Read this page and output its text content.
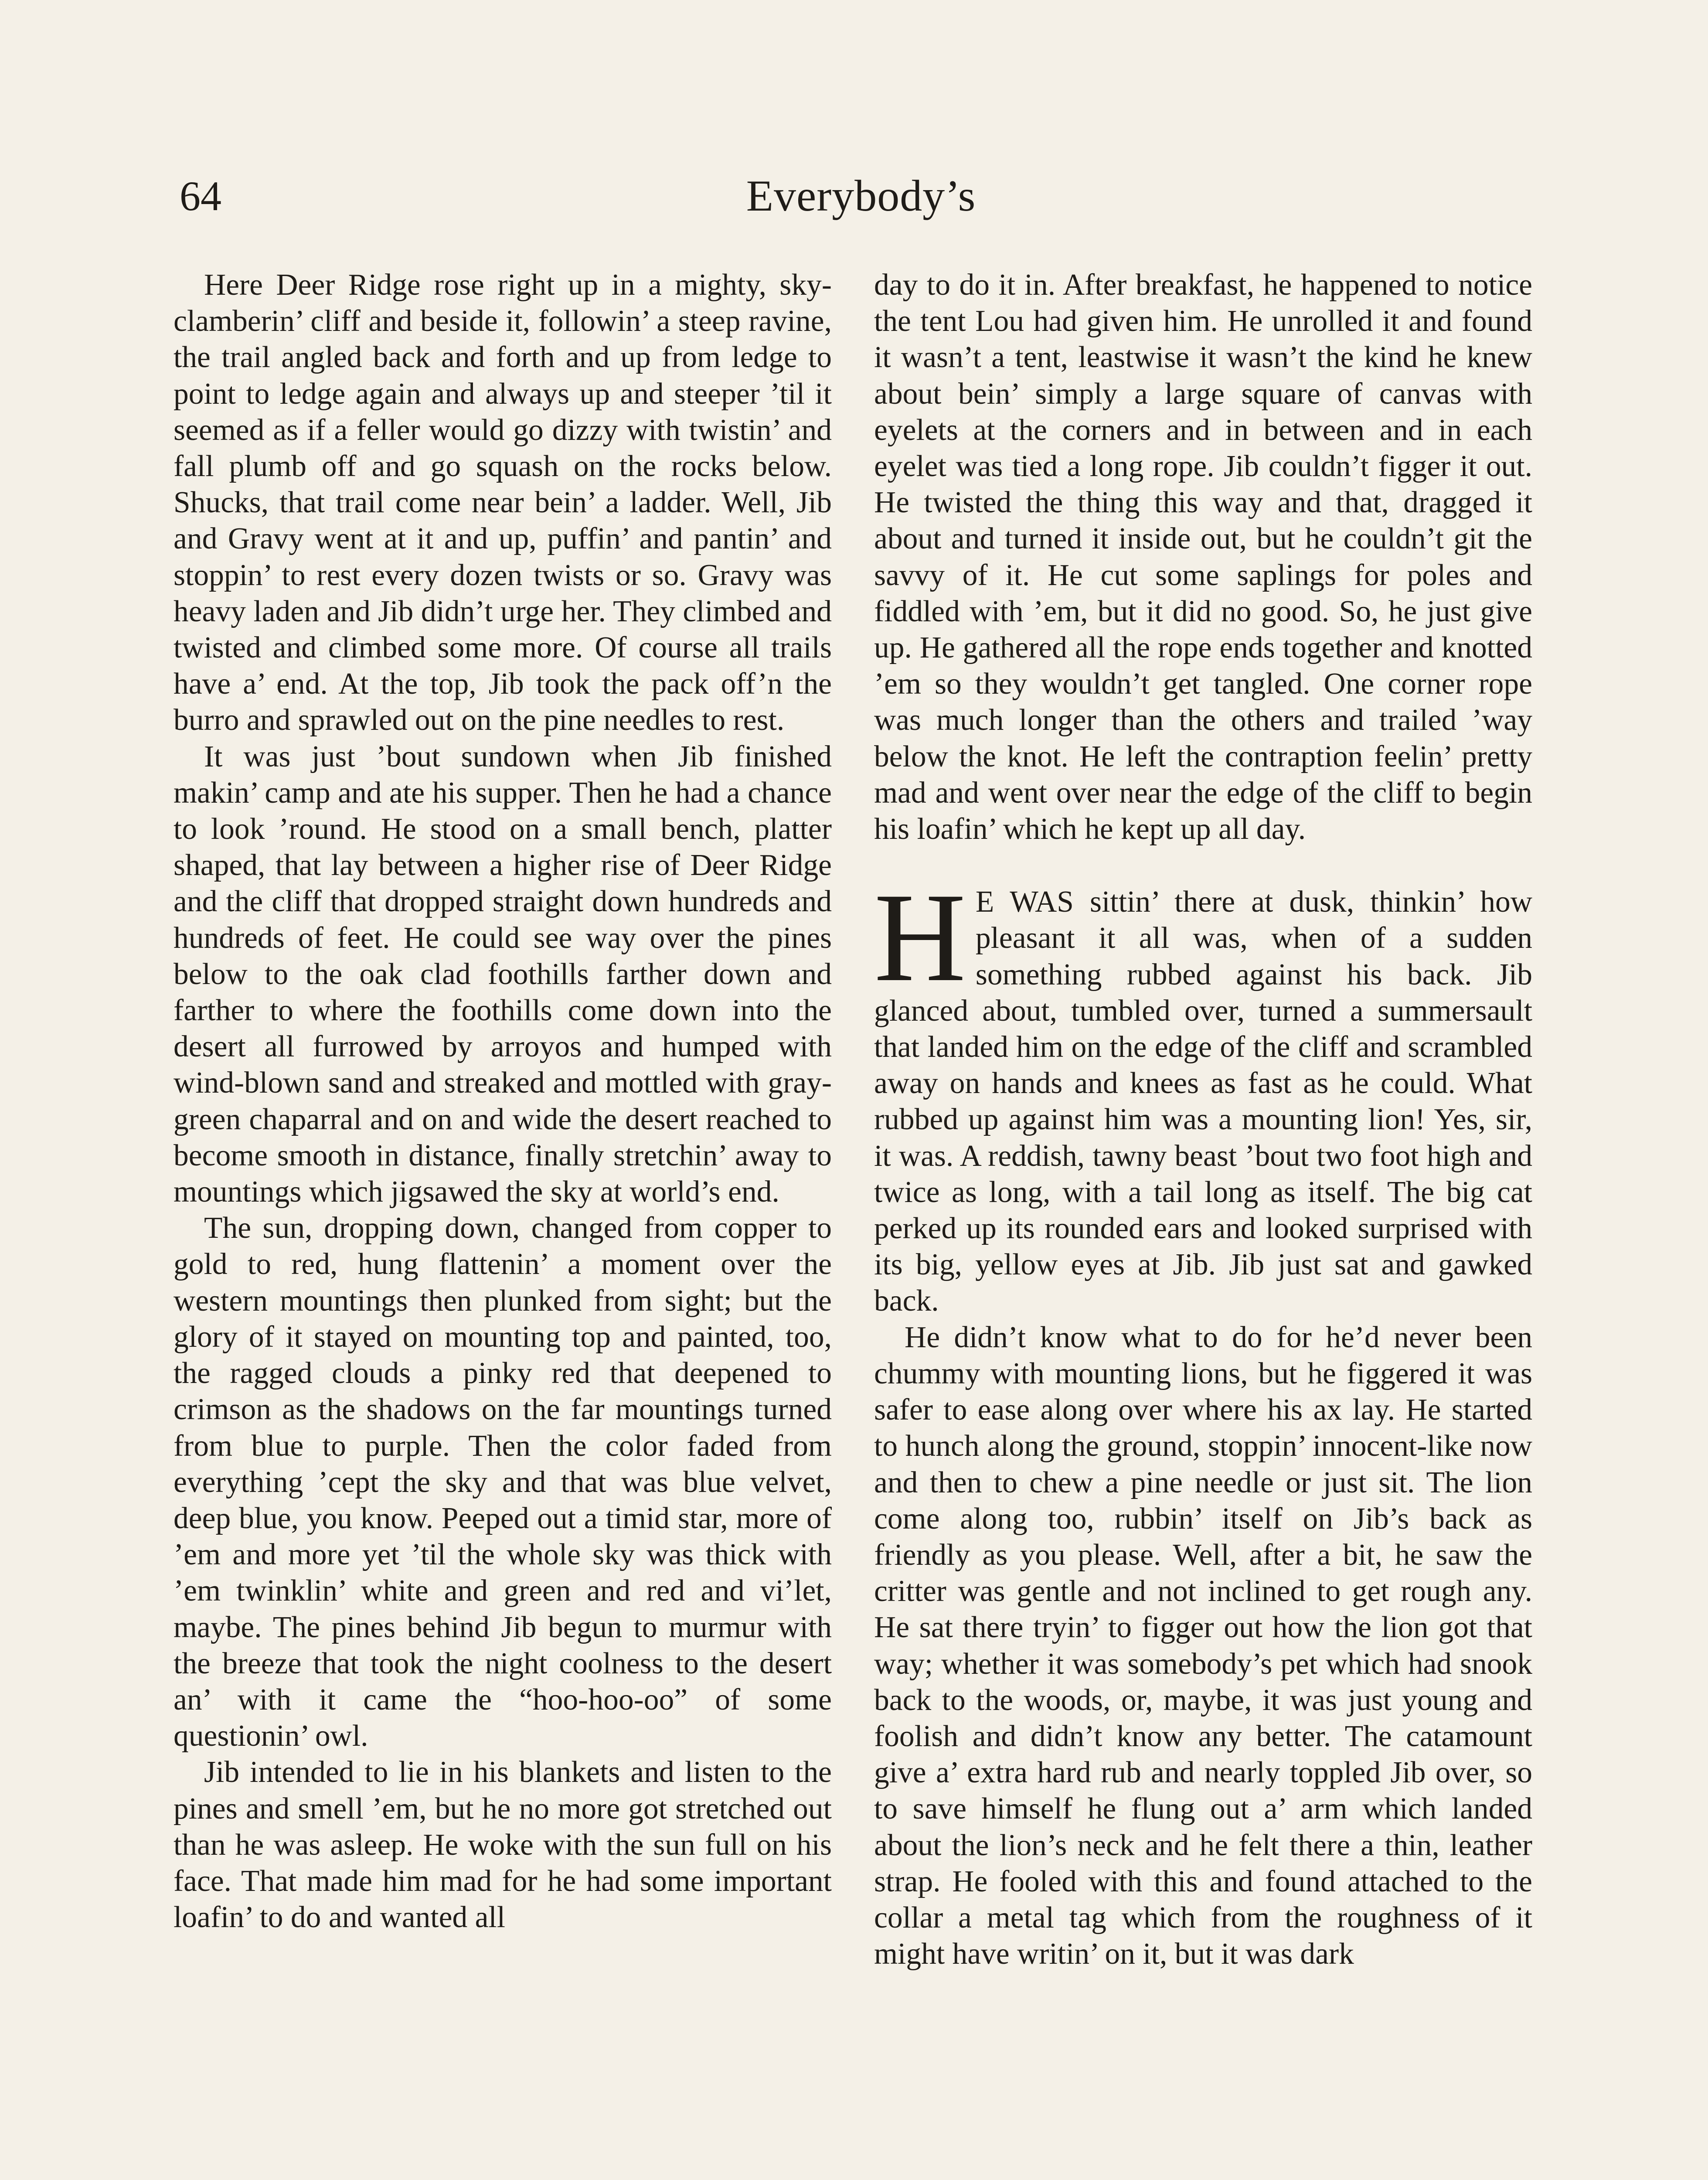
64	Everybody’s

Here Deer Ridge rose right up in a mighty, sky-clamberin’ cliff and beside it, followin’ a steep ravine, the trail angled back and forth and up from ledge to point to ledge again and always up and steeper ’til it seemed as if a feller would go dizzy with twistin’ and fall plumb off and go squash on the rocks below. Shucks, that trail come near bein’ a ladder. Well, Jib and Gravy went at it and up, puffin’ and pantin’ and stoppin’ to rest every dozen twists or so. Gravy was heavy laden and Jib didn’t urge her. They climbed and twisted and climbed some more. Of course all trails have a’ end. At the top, Jib took the pack off’n the burro and sprawled out on the pine needles to rest.

It was just ’bout sundown when Jib finished makin’ camp and ate his supper. Then he had a chance to look ’round. He stood on a small bench, platter shaped, that lay between a higher rise of Deer Ridge and the cliff that dropped straight down hundreds and hundreds of feet. He could see way over the pines below to the oak clad foothills farther down and farther to where the foothills come down into the desert all furrowed by arroyos and humped with wind-blown sand and streaked and mottled with gray-green chaparral and on and wide the desert reached to become smooth in distance, finally stretchin’ away to mountings which jigsawed the sky at world’s end.

The sun, dropping down, changed from copper to gold to red, hung flattenin’ a moment over the western mountings then plunked from sight; but the glory of it stayed on mounting top and painted, too, the ragged clouds a pinky red that deepened to crimson as the shadows on the far mountings turned from blue to purple. Then the color faded from everything ’cept the sky and that was blue velvet, deep blue, you know. Peeped out a timid star, more of ’em and more yet ’til the whole sky was thick with ’em twinklin’ white and green and red and vi’let, maybe. The pines behind Jib begun to murmur with the breeze that took the night coolness to the desert an’ with it came the “hoo-hoo-oo” of some questionin’ owl.

Jib intended to lie in his blankets and listen to the pines and smell ’em, but he no more got stretched out than he was asleep. He woke with the sun full on his face. That made him mad for he had some important loafin’ to do and wanted all

day to do it in. After breakfast, he happened to notice the tent Lou had given him. He unrolled it and found it wasn’t a tent, leastwise it wasn’t the kind he knew about bein’ simply a large square of canvas with eyelets at the corners and in between and in each eyelet was tied a long rope. Jib couldn’t figger it out. He twisted the thing this way and that, dragged it about and turned it inside out, but he couldn’t git the savvy of it. He cut some saplings for poles and fiddled with ’em, but it did no good. So, he just give up. He gathered all the rope ends together and knotted ’em so they wouldn’t get tangled. One corner rope was much longer than the others and trailed ’way below the knot. He left the contraption feelin’ pretty mad and went over near the edge of the cliff to begin his loafin’ which he kept up all day.

H E WAS sittin’ there at dusk, thinkin’ how pleasant it all was, when of a sudden something rubbed against his back. Jib glanced about, tumbled over, turned a summersault that landed him on the edge of the cliff and scrambled away on hands and knees as fast as he could. What rubbed up against him was a mounting lion! Yes, sir, it was. A reddish, tawny beast ’bout two foot high and twice as long, with a tail long as itself. The big cat perked up its rounded ears and looked surprised with its big, yellow eyes at Jib. Jib just sat and gawked back.

He didn’t know what to do for he’d never been chummy with mounting lions, but he figgered it was safer to ease along over where his ax lay. He started to hunch along the ground, stoppin’ innocent-like now and then to chew a pine needle or just sit. The lion come along too, rubbin’ itself on Jib’s back as friendly as you please. Well, after a bit, he saw the critter was gentle and not inclined to get rough any. He sat there tryin’ to figger out how the lion got that way; whether it was somebody’s pet which had snook back to the woods, or, maybe, it was just young and foolish and didn’t know any better. The catamount give a’ extra hard rub and nearly toppled Jib over, so to save himself he flung out a’ arm which landed about the lion’s neck and he felt there a thin, leather strap. He fooled with this and found attached to the collar a metal tag which from the roughness of it might have writin’ on it, but it was dark
